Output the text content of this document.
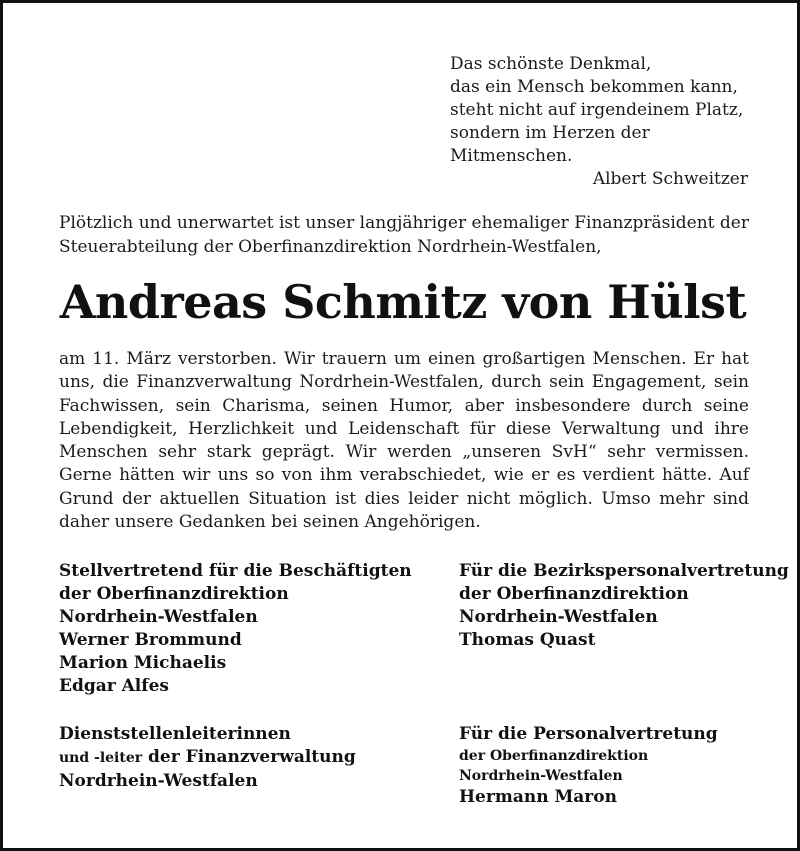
Das schönste Denkmal,
das ein Mensch bekommen kann,
steht nicht auf irgendeinem Platz,
sondern im Herzen der
Mitmenschen.
Albert Schweitzer
Plötzlich und unerwartet ist unser langjähriger ehemaliger Finanzpräsident der Steuerabteilung der Oberfinanzdirektion Nordrhein-Westfalen,
Andreas Schmitz von Hülst
am 11. März verstorben. Wir trauern um einen großartigen Menschen. Er hat uns, die Finanzverwaltung Nordrhein-Westfalen, durch sein Engagement, sein Fachwissen, sein Charisma, seinen Humor, aber insbesondere durch seine Lebendigkeit, Herzlichkeit und Leidenschaft für diese Verwaltung und ihre Menschen sehr stark geprägt. Wir werden „unseren SvH“ sehr vermissen. Gerne hätten wir uns so von ihm verabschiedet, wie er es verdient hätte. Auf Grund der aktuellen Situation ist dies leider nicht möglich. Umso mehr sind daher unsere Gedanken bei seinen Angehörigen.
Stellvertretend für die Beschäftigten
der Oberfinanzdirektion
Nordrhein-Westfalen
Werner Brommund
Marion Michaelis
Edgar Alfes
Für die Bezirkspersonalvertretung
der Oberfinanzdirektion
Nordrhein-Westfalen
Thomas Quast
Dienststellenleiterinnen
und -leiter der Finanzverwaltung
Nordrhein-Westfalen
Für die Personalvertretung
der Oberfinanzdirektion
Nordrhein-Westfalen
Hermann Maron
